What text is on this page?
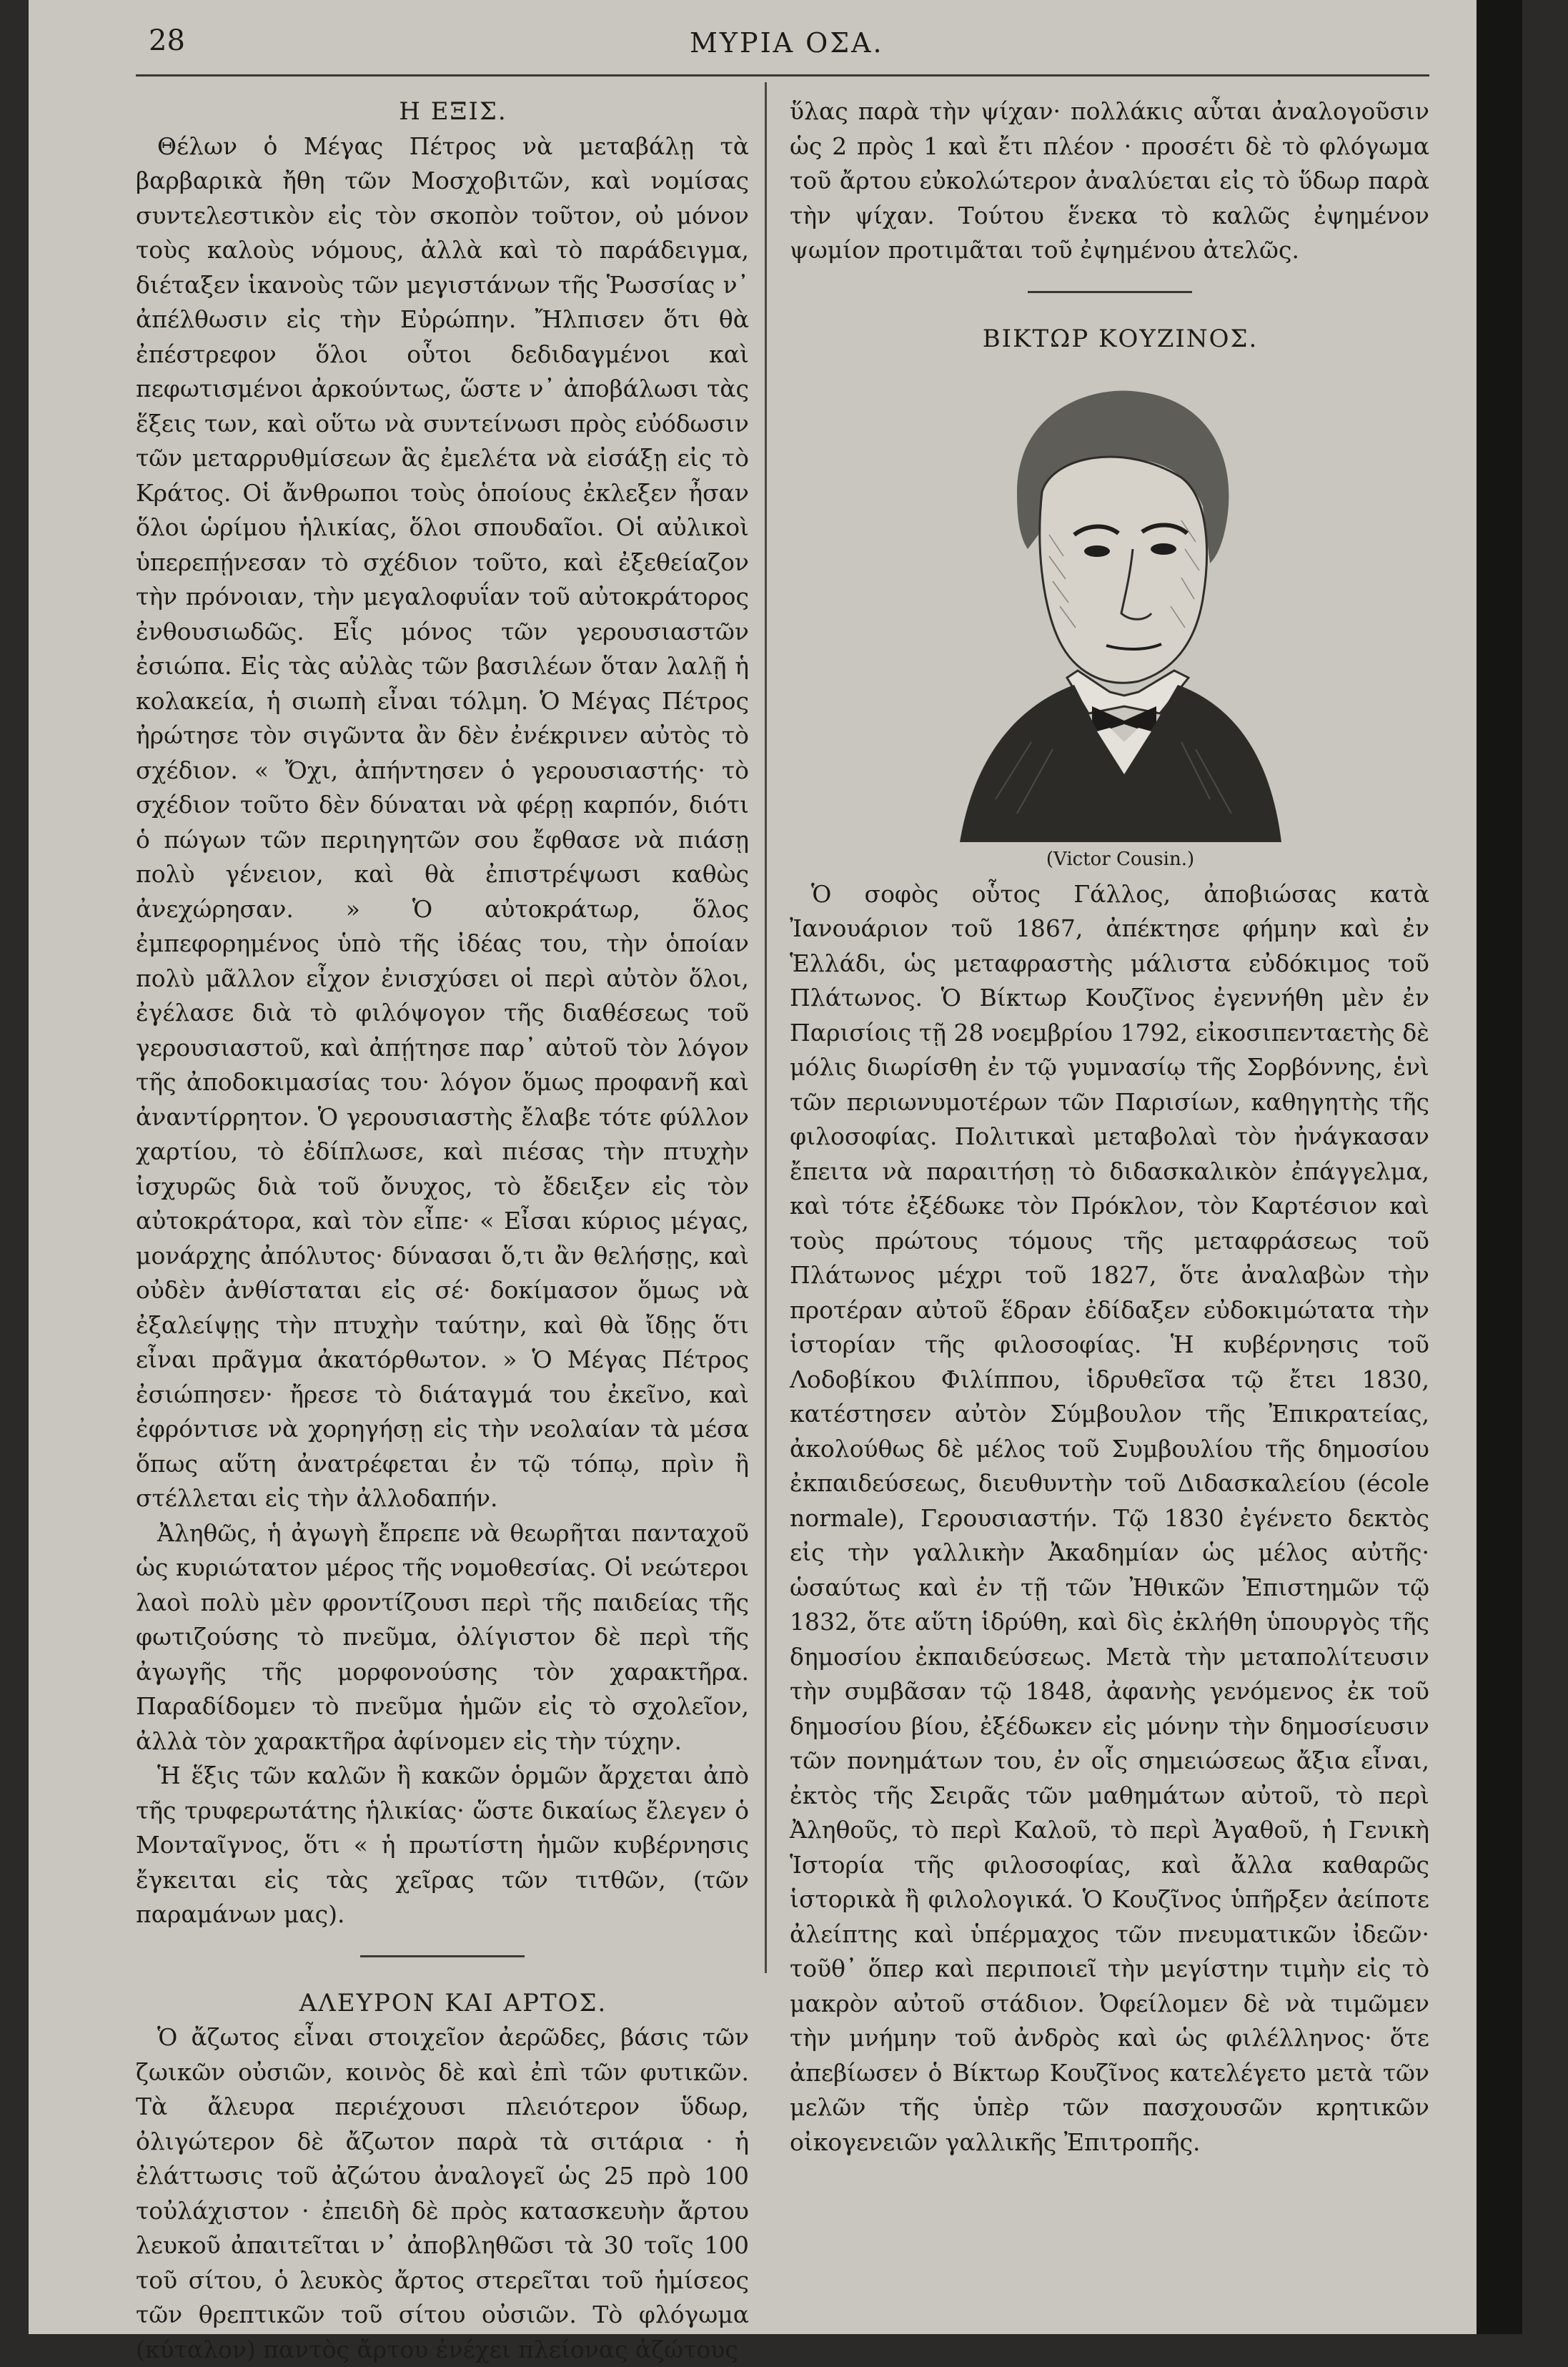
28	ΜΥΡΙΑ ΟΣΑ.

Η ΕΞΙΣ.

Θέλων ὁ Μέγας Πέτρος νὰ μεταβάλῃ τὰ βαρβαρικὰ ἤθη τῶν Μοσχοβιτῶν, καὶ νομίσας συντελεστικὸν εἰς τὸν σκοπὸν τοῦτον, οὐ μόνον τοὺς καλοὺς νόμους, ἀλλὰ καὶ τὸ παράδειγμα, διέταξεν ἱκανοὺς τῶν μεγιστάνων τῆς Ῥωσσίας ν᾽ ἀπέλθωσιν εἰς τὴν Εὐρώπην. Ἤλπισεν ὅτι θὰ ἐπέστρεφον ὅλοι οὗτοι δεδιδαγμένοι καὶ πεφωτισμένοι ἀρκούντως, ὥστε ν᾽ ἀποβάλωσι τὰς ἕξεις των, καὶ οὕτω νὰ συντείνωσι πρὸς εὐόδωσιν τῶν μεταρρυθμίσεων ἃς ἐμελέτα νὰ εἰσάξῃ εἰς τὸ Κράτος. Οἱ ἄνθρωποι τοὺς ὁποίους ἐκλεξεν ἦσαν ὅλοι ὡρίμου ἡλικίας, ὅλοι σπουδαῖοι. Οἱ αὐλικοὶ ὑπερεπῄνεσαν τὸ σχέδιον τοῦτο, καὶ ἐξεθείαζον τὴν πρόνοιαν, τὴν μεγαλοφυΐαν τοῦ αὐτοκράτορος ἐνθουσιωδῶς. Εἷς μόνος τῶν γερουσιαστῶν ἐσιώπα. Εἰς τὰς αὐλὰς τῶν βασιλέων ὅταν λαλῇ ἡ κολακεία, ἡ σιωπὴ εἶναι τόλμη. Ὁ Μέγας Πέτρος ἠρώτησε τὸν σιγῶντα ἂν δὲν ἐνέκρινεν αὐτὸς τὸ σχέδιον. « Ὄχι, ἀπήντησεν ὁ γερουσιαστής· τὸ σχέδιον τοῦτο δὲν δύναται νὰ φέρῃ καρπόν, διότι ὁ πώγων τῶν περιηγητῶν σου ἔφθασε νὰ πιάσῃ πολὺ γένειον, καὶ θὰ ἐπιστρέψωσι καθὼς ἀνεχώρησαν. » Ὁ αὐτοκράτωρ, ὅλος ἐμπεφορημένος ὑπὸ τῆς ἰδέας του, τὴν ὁποίαν πολὺ μᾶλλον εἶχον ἐνισχύσει οἱ περὶ αὐτὸν ὅλοι, ἐγέλασε διὰ τὸ φιλόψογον τῆς διαθέσεως τοῦ γερουσιαστοῦ, καὶ ἀπῄτησε παρ᾽ αὐτοῦ τὸν λόγον τῆς ἀποδοκιμασίας του· λόγον ὅμως προφανῆ καὶ ἀναντίρρητον. Ὁ γερουσιαστὴς ἔλαβε τότε φύλλον χαρτίου, τὸ ἐδίπλωσε, καὶ πιέσας τὴν πτυχὴν ἰσχυρῶς διὰ τοῦ ὄνυχος, τὸ ἔδειξεν εἰς τὸν αὐτοκράτορα, καὶ τὸν εἶπε· « Εἶσαι κύριος μέγας, μονάρχης ἀπόλυτος· δύνασαι ὅ,τι ἂν θελήσῃς, καὶ οὐδὲν ἀνθίσταται εἰς σέ· δοκίμασον ὅμως νὰ ἐξαλείψῃς τὴν πτυχὴν ταύτην, καὶ θὰ ἴδῃς ὅτι εἶναι πρᾶγμα ἀκατόρθωτον. » Ὁ Μέγας Πέτρος ἐσιώπησεν· ἤρεσε τὸ διάταγμά του ἐκεῖνο, καὶ ἐφρόντισε νὰ χορηγήσῃ εἰς τὴν νεολαίαν τὰ μέσα ὅπως αὕτη ἀνατρέφεται ἐν τῷ τόπῳ, πρὶν ἢ στέλλεται εἰς τὴν ἀλλοδαπήν.

Ἀληθῶς, ἡ ἀγωγὴ ἔπρεπε νὰ θεωρῆται πανταχοῦ ὡς κυριώτατον μέρος τῆς νομοθεσίας. Οἱ νεώτεροι λαοὶ πολὺ μὲν φροντίζουσι περὶ τῆς παιδείας τῆς φωτιζούσης τὸ πνεῦμα, ὀλίγιστον δὲ περὶ τῆς ἀγωγῆς τῆς μορφονούσης τὸν χαρακτῆρα. Παραδίδομεν τὸ πνεῦμα ἡμῶν εἰς τὸ σχολεῖον, ἀλλὰ τὸν χαρακτῆρα ἀφίνομεν εἰς τὴν τύχην.

Ἡ ἕξις τῶν καλῶν ἢ κακῶν ὁρμῶν ἄρχεται ἀπὸ τῆς τρυφερωτάτης ἡλικίας· ὥστε δικαίως ἔλεγεν ὁ Μονταῖγνος, ὅτι « ἡ πρωτίστη ἡμῶν κυβέρνησις ἔγκειται εἰς τὰς χεῖρας τῶν τιτθῶν, (τῶν παραμάνων μας).

ΑΛΕΥΡΟΝ ΚΑΙ ΑΡΤΟΣ.

Ὁ ἄζωτος εἶναι στοιχεῖον ἀερῶδες, βάσις τῶν ζωικῶν οὐσιῶν, κοινὸς δὲ καὶ ἐπὶ τῶν φυτικῶν. Τὰ ἄλευρα περιέχουσι πλειότερον ὕδωρ, ὀλιγώτερον δὲ ἄζωτον παρὰ τὰ σιτάρια · ἡ ἐλάττωσις τοῦ ἀζώτου ἀναλογεῖ ὡς 25 πρὸ 100 τοὐλάχιστον · ἐπειδὴ δὲ πρὸς κατασκευὴν ἄρτου λευκοῦ ἀπαιτεῖται ν᾽ ἀποβληθῶσι τὰ 30 τοῖς 100 τοῦ σίτου, ὁ λευκὸς ἄρτος στερεῖται τοῦ ἡμίσεος τῶν θρεπτικῶν τοῦ σίτου οὐσιῶν. Τὸ φλόγωμα (κύταλον) παντὸς ἄρτου ἐνέχει πλείονας ἀζώτους

ὕλας παρὰ τὴν ψίχαν· πολλάκις αὗται ἀναλογοῦσιν ὡς 2 πρὸς 1 καὶ ἔτι πλέον · προσέτι δὲ τὸ φλόγωμα τοῦ ἄρτου εὐκολώτερον ἀναλύεται εἰς τὸ ὕδωρ παρὰ τὴν ψίχαν. Τούτου ἕνεκα τὸ καλῶς ἐψημένον ψωμίον προτιμᾶται τοῦ ἐψημένου ἀτελῶς.

ΒΙΚΤΩΡ ΚΟΥΖΙΝΟΣ.

(Victor Cousin.)

Ὁ σοφὸς οὗτος Γάλλος, ἀποβιώσας κατὰ Ἰανουάριον τοῦ 1867, ἀπέκτησε φήμην καὶ ἐν Ἑλλάδι, ὡς μεταφραστὴς μάλιστα εὐδόκιμος τοῦ Πλάτωνος. Ὁ Βίκτωρ Κουζῖνος ἐγεννήθη μὲν ἐν Παρισίοις τῇ 28 νοεμβρίου 1792, εἰκοσιπενταετὴς δὲ μόλις διωρίσθη ἐν τῷ γυμνασίῳ τῆς Σορβόννης, ἑνὶ τῶν περιωνυμοτέρων τῶν Παρισίων, καθηγητὴς τῆς φιλοσοφίας. Πολιτικαὶ μεταβολαὶ τὸν ἠνάγκασαν ἔπειτα νὰ παραιτήσῃ τὸ διδασκαλικὸν ἐπάγγελμα, καὶ τότε ἐξέδωκε τὸν Πρόκλον, τὸν Καρτέσιον καὶ τοὺς πρώτους τόμους τῆς μεταφράσεως τοῦ Πλάτωνος μέχρι τοῦ 1827, ὅτε ἀναλαβὼν τὴν προτέραν αὐτοῦ ἕδραν ἐδίδαξεν εὐδοκιμώτατα τὴν ἱστορίαν τῆς φιλοσοφίας. Ἡ κυβέρνησις τοῦ Λοδοβίκου Φιλίππου, ἱδρυθεῖσα τῷ ἔτει 1830, κατέστησεν αὐτὸν Σύμβουλον τῆς Ἐπικρατείας, ἀκολούθως δὲ μέλος τοῦ Συμβουλίου τῆς δημοσίου ἐκπαιδεύσεως, διευθυντὴν τοῦ Διδασκαλείου (école normale), Γερουσιαστήν. Τῷ 1830 ἐγένετο δεκτὸς εἰς τὴν γαλλικὴν Ἀκαδημίαν ὡς μέλος αὐτῆς· ὡσαύτως καὶ ἐν τῇ τῶν Ἠθικῶν Ἐπιστημῶν τῷ 1832, ὅτε αὕτη ἱδρύθη, καὶ δὶς ἐκλήθη ὑπουργὸς τῆς δημοσίου ἐκπαιδεύσεως. Μετὰ τὴν μεταπολίτευσιν τὴν συμβᾶσαν τῷ 1848, ἀφανὴς γενόμενος ἐκ τοῦ δημοσίου βίου, ἐξέδωκεν εἰς μόνην τὴν δημοσίευσιν τῶν πονημάτων του, ἐν οἷς σημειώσεως ἄξια εἶναι, ἐκτὸς τῆς Σειρᾶς τῶν μαθημάτων αὐτοῦ, τὸ περὶ Ἀληθοῦς, τὸ περὶ Καλοῦ, τὸ περὶ Ἀγαθοῦ, ἡ Γενικὴ Ἱστορία τῆς φιλοσοφίας, καὶ ἄλλα καθαρῶς ἱστορικὰ ἢ φιλολογικά. Ὁ Κουζῖνος ὑπῆρξεν ἀείποτε ἀλείπτης καὶ ὑπέρμαχος τῶν πνευματικῶν ἰδεῶν· τοῦθ᾽ ὅπερ καὶ περιποιεῖ τὴν μεγίστην τιμὴν εἰς τὸ μακρὸν αὐτοῦ στάδιον. Ὀφείλομεν δὲ νὰ τιμῶμεν τὴν μνήμην τοῦ ἀνδρὸς καὶ ὡς φιλέλληνος· ὅτε ἀπεβίωσεν ὁ Βίκτωρ Κουζῖνος κατελέγετο μετὰ τῶν μελῶν τῆς ὑπὲρ τῶν πασχουσῶν κρητικῶν οἰκογενειῶν γαλλικῆς Ἐπιτροπῆς.
